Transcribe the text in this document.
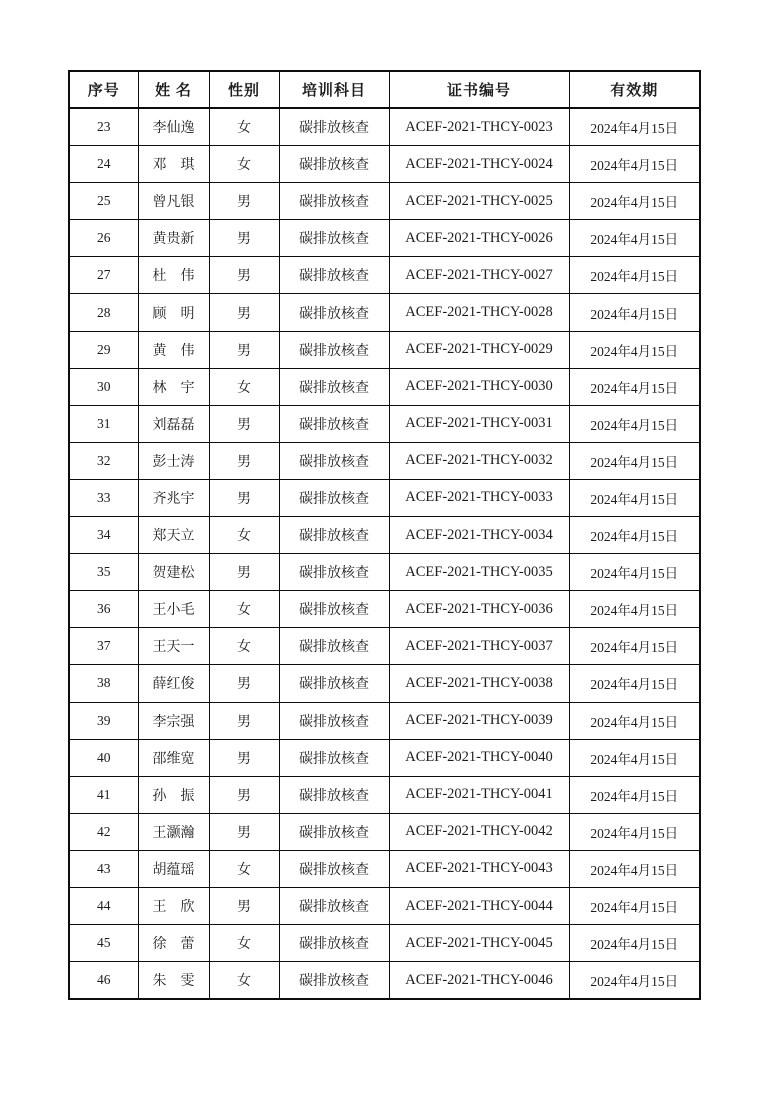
序号	姓 名	性别	培训科目	证书编号	有效期
23	李仙逸	女	碳排放核查	ACEF-2021-THCY-0023	2024年4月15日
24	邓　琪	女	碳排放核查	ACEF-2021-THCY-0024	2024年4月15日
25	曾凡银	男	碳排放核查	ACEF-2021-THCY-0025	2024年4月15日
26	黄贵新	男	碳排放核查	ACEF-2021-THCY-0026	2024年4月15日
27	杜　伟	男	碳排放核查	ACEF-2021-THCY-0027	2024年4月15日
28	顾　明	男	碳排放核查	ACEF-2021-THCY-0028	2024年4月15日
29	黄　伟	男	碳排放核查	ACEF-2021-THCY-0029	2024年4月15日
30	林　宇	女	碳排放核查	ACEF-2021-THCY-0030	2024年4月15日
31	刘磊磊	男	碳排放核查	ACEF-2021-THCY-0031	2024年4月15日
32	彭士涛	男	碳排放核查	ACEF-2021-THCY-0032	2024年4月15日
33	齐兆宇	男	碳排放核查	ACEF-2021-THCY-0033	2024年4月15日
34	郑天立	女	碳排放核查	ACEF-2021-THCY-0034	2024年4月15日
35	贺建松	男	碳排放核查	ACEF-2021-THCY-0035	2024年4月15日
36	王小毛	女	碳排放核查	ACEF-2021-THCY-0036	2024年4月15日
37	王天一	女	碳排放核查	ACEF-2021-THCY-0037	2024年4月15日
38	薛红俊	男	碳排放核查	ACEF-2021-THCY-0038	2024年4月15日
39	李宗强	男	碳排放核查	ACEF-2021-THCY-0039	2024年4月15日
40	邵维宽	男	碳排放核查	ACEF-2021-THCY-0040	2024年4月15日
41	孙　振	男	碳排放核查	ACEF-2021-THCY-0041	2024年4月15日
42	王灏瀚	男	碳排放核查	ACEF-2021-THCY-0042	2024年4月15日
43	胡蕴瑶	女	碳排放核查	ACEF-2021-THCY-0043	2024年4月15日
44	王　欣	男	碳排放核查	ACEF-2021-THCY-0044	2024年4月15日
45	徐　蕾	女	碳排放核查	ACEF-2021-THCY-0045	2024年4月15日
46	朱　雯	女	碳排放核查	ACEF-2021-THCY-0046	2024年4月15日
